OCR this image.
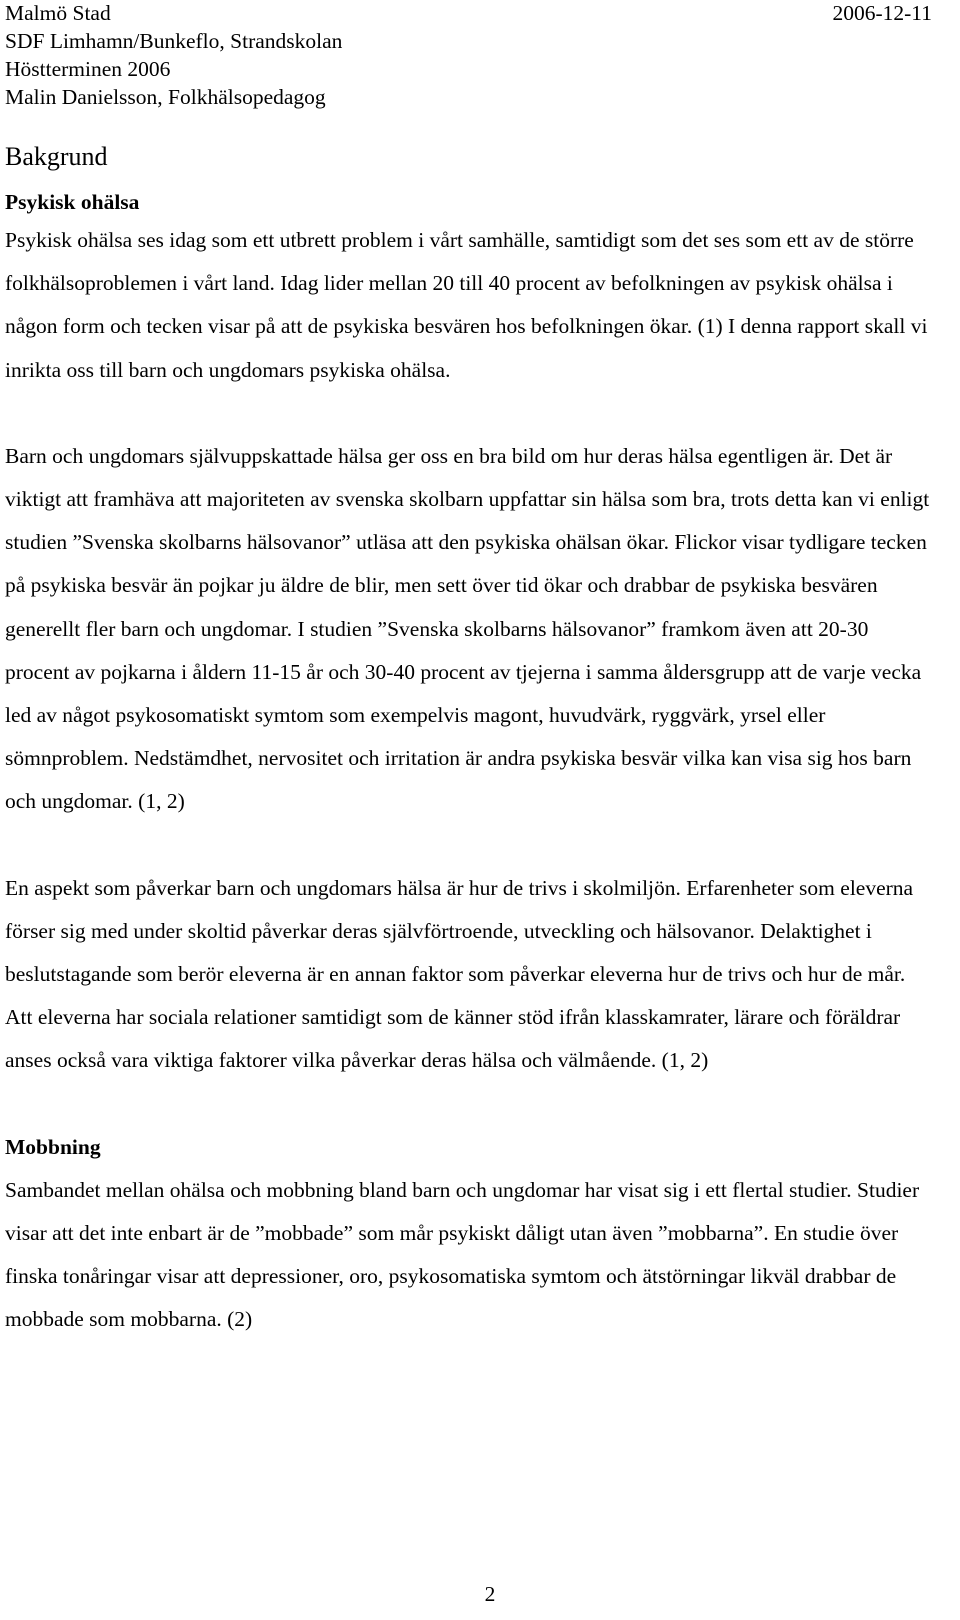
Malmö Stad	2006-12-11
SDF Limhamn/Bunkeflo, Strandskolan
Höstterminen 2006
Malin Danielsson, Folkhälsopedagog
Bakgrund
Psykisk ohälsa

Psykisk ohälsa ses idag som ett utbrett problem i vårt samhälle, samtidigt som det ses som ett av de större folkhälsoproblemen i vårt land. Idag lider mellan 20 till 40 procent av befolkningen av psykisk ohälsa i någon form och tecken visar på att de psykiska besvären hos befolkningen ökar. (1) I denna rapport skall vi inrikta oss till barn och ungdomars psykiska ohälsa.

Barn och ungdomars självuppskattade hälsa ger oss en bra bild om hur deras hälsa egentligen är. Det är viktigt att framhäva att majoriteten av svenska skolbarn uppfattar sin hälsa som bra, trots detta kan vi enligt studien ”Svenska skolbarns hälsovanor” utläsa att den psykiska ohälsan ökar. Flickor visar tydligare tecken på psykiska besvär än pojkar ju äldre de blir, men sett över tid ökar och drabbar de psykiska besvären generellt fler barn och ungdomar. I studien ”Svenska skolbarns hälsovanor” framkom även att 20-30 procent av pojkarna i åldern 11-15 år och 30-40 procent av tjejerna i samma åldersgrupp att de varje vecka led av något psykosomatiskt symtom som exempelvis magont, huvudvärk, ryggvärk, yrsel eller sömnproblem. Nedstämdhet, nervositet och irritation är andra psykiska besvär vilka kan visa sig hos barn och ungdomar. (1, 2)

En aspekt som påverkar barn och ungdomars hälsa är hur de trivs i skolmiljön. Erfarenheter som eleverna förser sig med under skoltid påverkar deras självförtroende, utveckling och hälsovanor. Delaktighet i beslutstagande som berör eleverna är en annan faktor som påverkar eleverna hur de trivs och hur de mår. Att eleverna har sociala relationer samtidigt som de känner stöd ifrån klasskamrater, lärare och föräldrar anses också vara viktiga faktorer vilka påverkar deras hälsa och välmående. (1, 2)

Mobbning

Sambandet mellan ohälsa och mobbning bland barn och ungdomar har visat sig i ett flertal studier. Studier visar att det inte enbart är de ”mobbade” som mår psykiskt dåligt utan även ”mobbarna”. En studie över finska tonåringar visar att depressioner, oro, psykosomatiska symtom och ätstörningar likväl drabbar de mobbade som mobbarna. (2)

2
